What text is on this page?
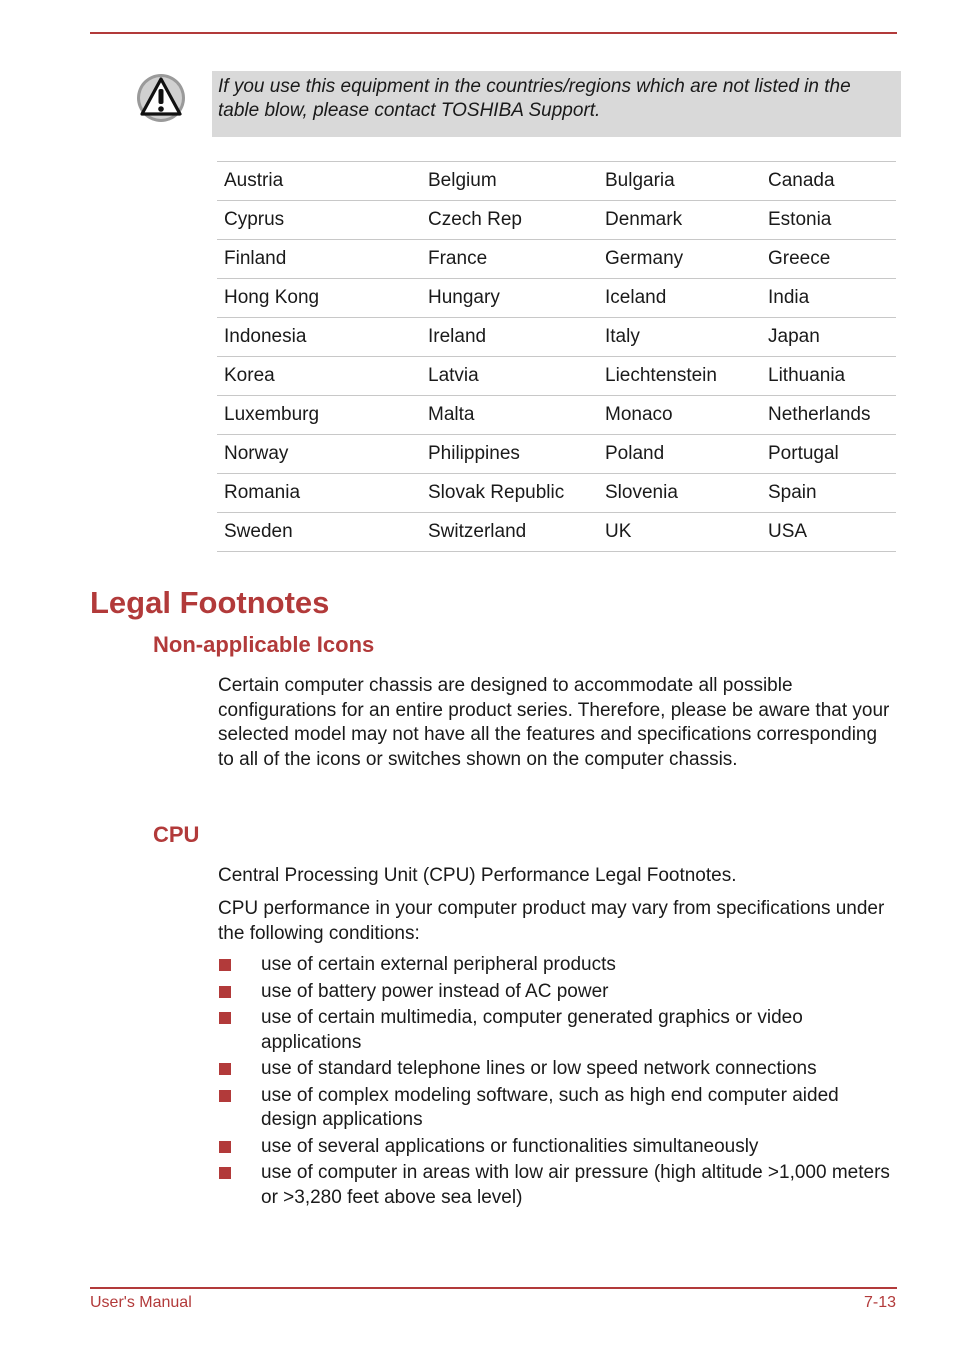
If you use this equipment in the countries/regions which are not listed in the table blow, please contact TOSHIBA Support.

Austria	Belgium	Bulgaria	Canada
Cyprus	Czech Rep	Denmark	Estonia
Finland	France	Germany	Greece
Hong Kong	Hungary	Iceland	India
Indonesia	Ireland	Italy	Japan
Korea	Latvia	Liechtenstein	Lithuania
Luxemburg	Malta	Monaco	Netherlands
Norway	Philippines	Poland	Portugal
Romania	Slovak Republic	Slovenia	Spain
Sweden	Switzerland	UK	USA
Legal Footnotes
Non-applicable Icons

Certain computer chassis are designed to accommodate all possible configurations for an entire product series. Therefore, please be aware that your selected model may not have all the features and specifications corresponding to all of the icons or switches shown on the computer chassis.

CPU

Central Processing Unit (CPU) Performance Legal Footnotes.

CPU performance in your computer product may vary from specifications under the following conditions:

use of certain external peripheral products
use of battery power instead of AC power
use of certain multimedia, computer generated graphics or video applications
use of standard telephone lines or low speed network connections
use of complex modeling software, such as high end computer aided design applications
use of several applications or functionalities simultaneously
use of computer in areas with low air pressure (high altitude >1,000 meters or >3,280 feet above sea level)
User's Manual	7-13
